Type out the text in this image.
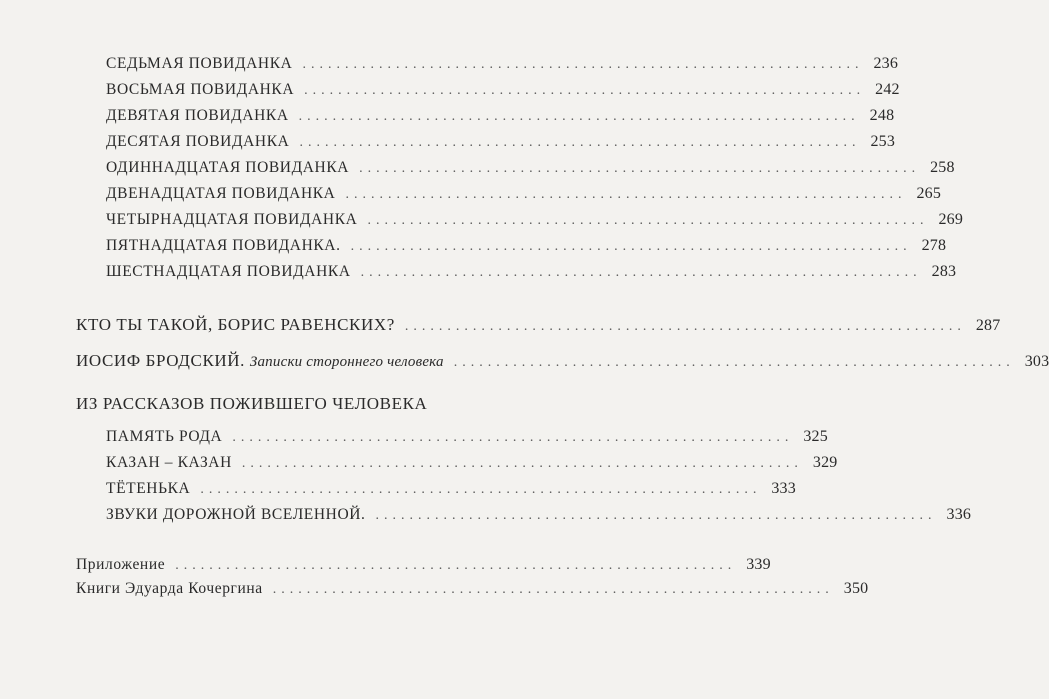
СЕДЬМАЯ ПОВИДАНКА .................................................................. 236
ВОСЬМАЯ ПОВИДАНКА .................................................................. 242
ДЕВЯТАЯ ПОВИДАНКА .................................................................. 248
ДЕСЯТАЯ ПОВИДАНКА .................................................................. 253
ОДИННАДЦАТАЯ ПОВИДАНКА .................................................................. 258
ДВЕНАДЦАТАЯ ПОВИДАНКА .................................................................. 265
ЧЕТЫРНАДЦАТАЯ ПОВИДАНКА .................................................................. 269
ПЯТНАДЦАТАЯ ПОВИДАНКА. .................................................................. 278
ШЕСТНАДЦАТАЯ ПОВИДАНКА .................................................................. 283
КТО ТЫ ТАКОЙ, БОРИС РАВЕНСКИХ? .................................................................. 287
ИОСИФ БРОДСКИЙ. Записки стороннего человека .................................................................. 303
ИЗ РАССКАЗОВ ПОЖИВШЕГО ЧЕЛОВЕКА
ПАМЯТЬ РОДА .................................................................. 325
КАЗАН – КАЗАН .................................................................. 329
ТЁТЕНЬКА .................................................................. 333
ЗВУКИ ДОРОЖНОЙ ВСЕЛЕННОЙ. .................................................................. 336
Приложение .................................................................. 339
Книги Эдуарда Кочергина .................................................................. 350
